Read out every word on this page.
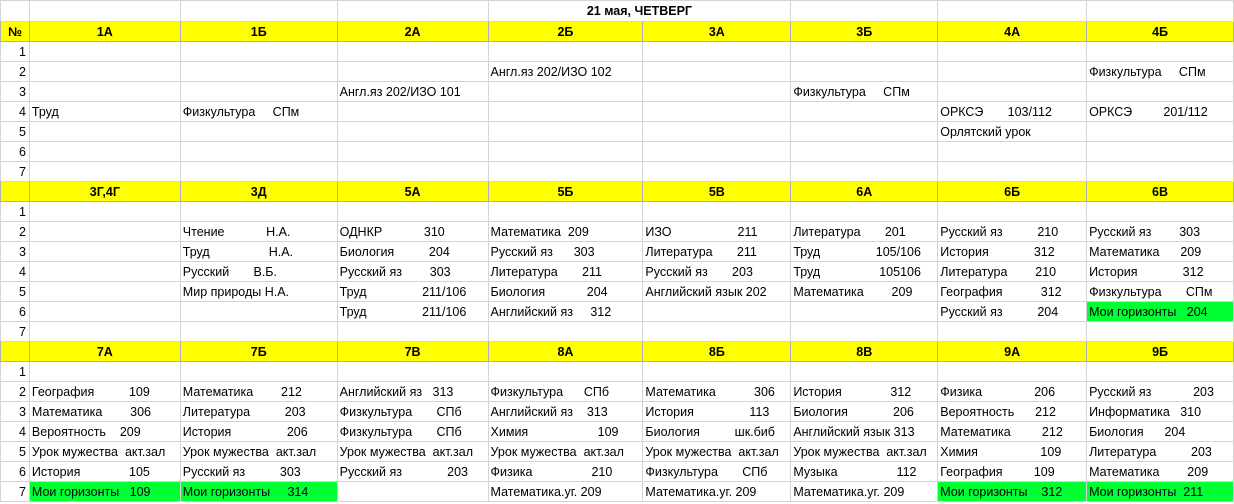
				21 мая, ЧЕТВЕРГ				
№	1А	1Б	2А	2Б	3А	3Б	4А	4Б
1								
2				Англ.яз 202/ИЗО 102				Физкультура     СПм
3			Англ.яз 202/ИЗО 101			Физкультура     СПм		
4	Труд	Физкультура     СПм					ОРКСЭ       103/112	ОРКСЭ         201/112
5							Орлятский урок	
6								
7								
	3Г,4Г	3Д	5А	5Б	5В	6А	6Б	6В
1								
2		Чтение            Н.А.	ОДНКР            310	Математика  209	ИЗО                   211	Литература       201	Русский яз          210	Русский яз        303
3		Труд                 Н.А.	Биология          204	Русский яз      303	Литература       211	Труд                105/106	История             312	Математика      209
4		Русский       В.Б.	Русский яз        303	Литература       211	Русский яз       203	Труд                 105106	Литература        210	История             312
5		Мир природы Н.А.	Труд                211/106	Биология            204	Английский язык 202	Математика        209	География           312	Физкультура       СПм
6			Труд                211/106	Английский яз     312			Русский яз          204	Мои горизонты   204
7								
	7А	7Б	7В	8А	8Б	8В	9А	9Б
1								
2	География          109	Математика        212	Английский яз   313	Физкультура      СПб	Математика           306	История              312	Физика               206	Русский яз            203
3	Математика        306	Литература          203	Физкультура       СПб	Английский яз    313	История                113	Биология             206	Вероятность      212	Информатика   310
4	Вероятность    209	История                206	Физкультура       СПб	Химия                    109	Биология          шк.биб	Английский язык 313	Математика         212	Биология      204
5	Урок мужества  акт.зал	Урок мужества  акт.зал	Урок мужества  акт.зал	Урок мужества  акт.зал	Урок мужества  акт.зал	Урок мужества  акт.зал	Химия                  109	Литература          203
6	История              105	Русский яз          303	Русский яз             203	Физика                 210	Физкультура       СПб	Музыка                 112	География         109	Математика        209
7	Мои горизонты   109	Мои горизонты     314		Математика.уг. 209	Математика.уг. 209	Математика.уг. 209	Мои горизонты    312	Мои горизонты  211
